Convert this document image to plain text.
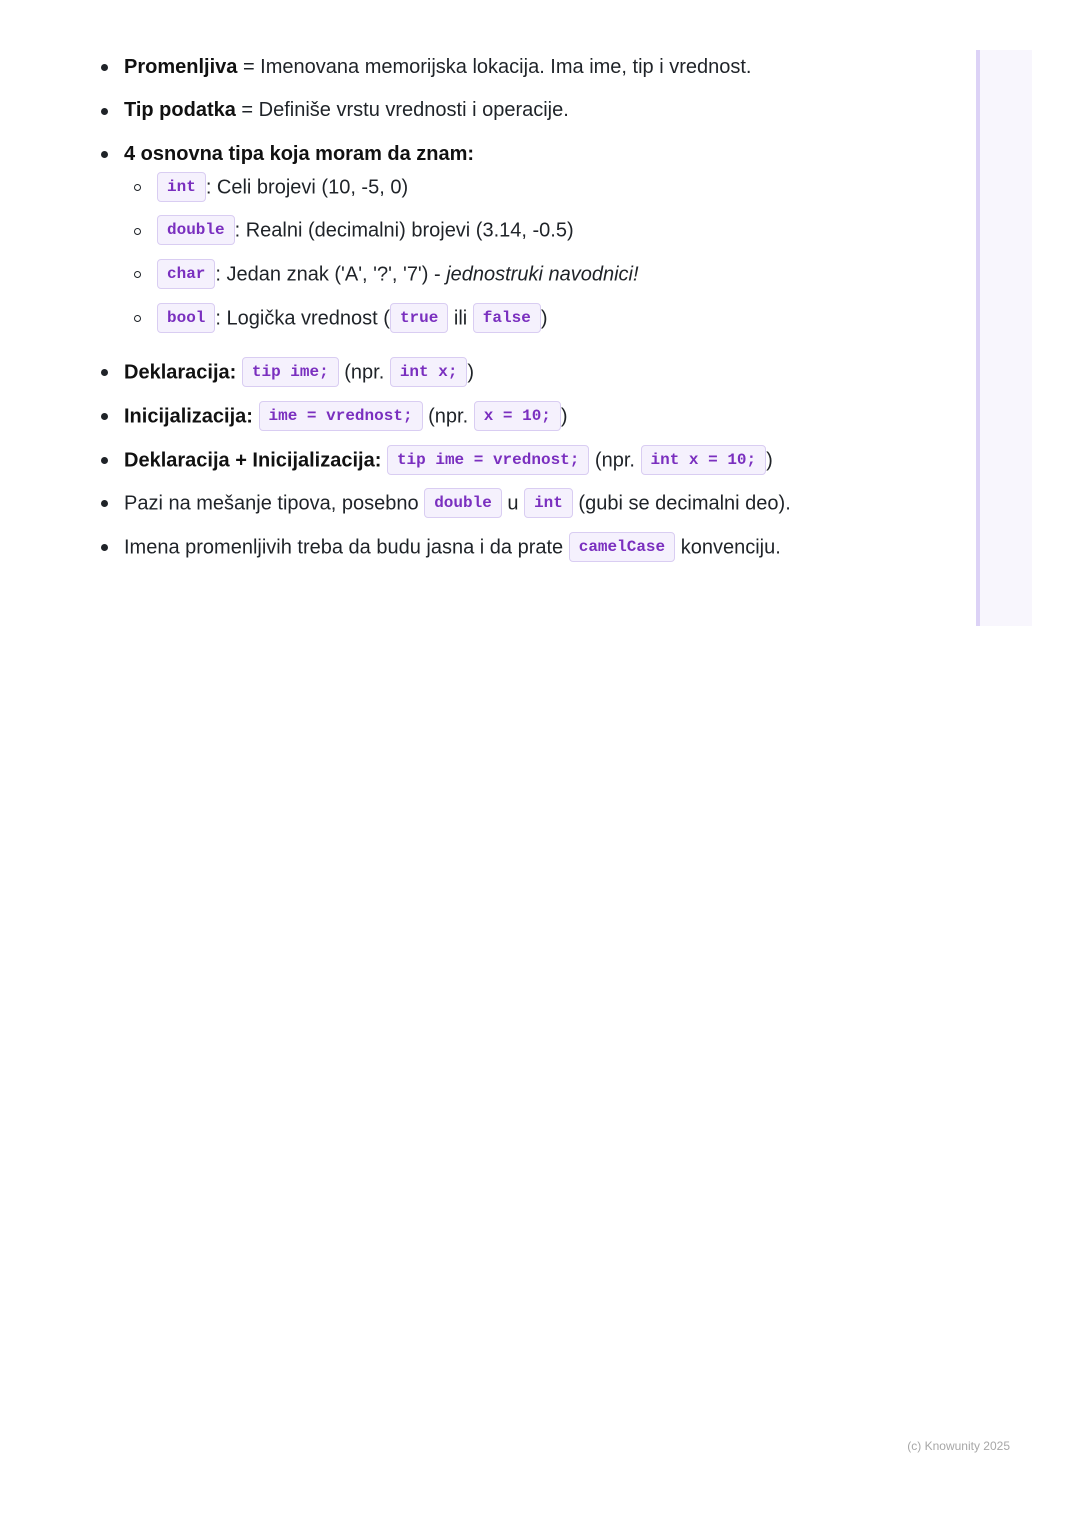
Promenljiva = Imenovana memorijska lokacija. Ima ime, tip i vrednost.
Tip podatka = Definiše vrstu vrednosti i operacije.
4 osnovna tipa koja moram da znam:
int : Celi brojevi (10, -5, 0)
double : Realni (decimalni) brojevi (3.14, -0.5)
char : Jedan znak ('A', '?', '7') - jednostruki navodnici!
bool : Logička vrednost ( true ili false )
Deklaracija: tip ime; (npr. int x; )
Inicijalizacija: ime = vrednost; (npr. x = 10; )
Deklaracija + Inicijalizacija: tip ime = vrednost; (npr. int x = 10; )
Pazi na mešanje tipova, posebno double u int (gubi se decimalni deo).
Imena promenljivih treba da budu jasna i da prate camelCase konvenciju.
(c) Knowunity 2025
